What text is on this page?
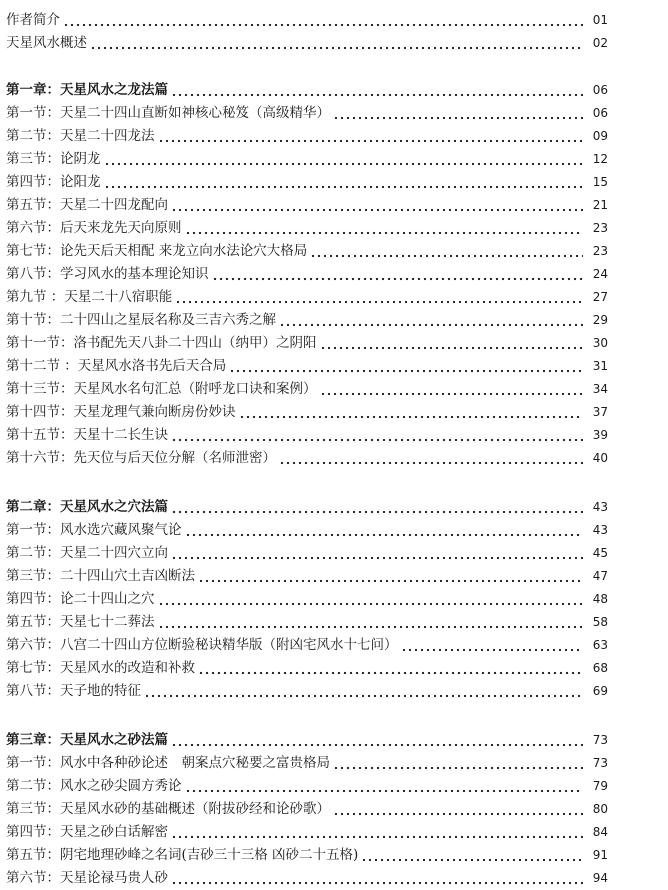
作者简介	01
天星风水概述	02
第一章：天星风水之龙法篇	06
第一节：天星二十四山直断如神核心秘笈（高级精华）	06
第二节：天星二十四龙法	09
第三节：论阴龙	12
第四节：论阳龙	15
第五节：天星二十四龙配向	21
第六节：后天来龙先天向原则	23
第七节：论先天后天相配 来龙立向水法论穴大格局	23
第八节：学习风水的基本理论知识	24
第九节 ：天星二十八宿职能	27
第十节：二十四山之星辰名称及三吉六秀之解	29
第十一节：洛书配先天八卦二十四山（纳甲）之阴阳	30
第十二节 ：天星风水洛书先后天合局	31
第十三节：天星风水名句汇总（附呼龙口诀和案例）	34
第十四节：天星龙理气兼向断房份妙诀	37
第十五节：天星十二长生诀	39
第十六节：先天位与后天位分解（名师泄密）	40
第二章：天星风水之穴法篇	43
第一节：风水选穴藏风聚气论	43
第二节：天星二十四穴立向	45
第三节：二十四山穴土吉凶断法	47
第四节：论二十四山之穴	48
第五节：天星七十二葬法	58
第六节：八宫二十四山方位断验秘诀精华版（附凶宅风水十七问）	63
第七节：天星风水的改造和补救	68
第八节：天子地的特征	69
第三章：天星风水之砂法篇	73
第一节：风水中各种砂论述　朝案点穴秘要之富贵格局	73
第二节：风水之砂尖圆方秀论	79
第三节：天星风水砂的基础概述（附拔砂经和论砂歌）	80
第四节：天星之砂白话解密	84
第五节：阴宅地理砂峰之名词(吉砂三十三格 凶砂二十五格)	91
第六节：天星论禄马贵人砂	94
